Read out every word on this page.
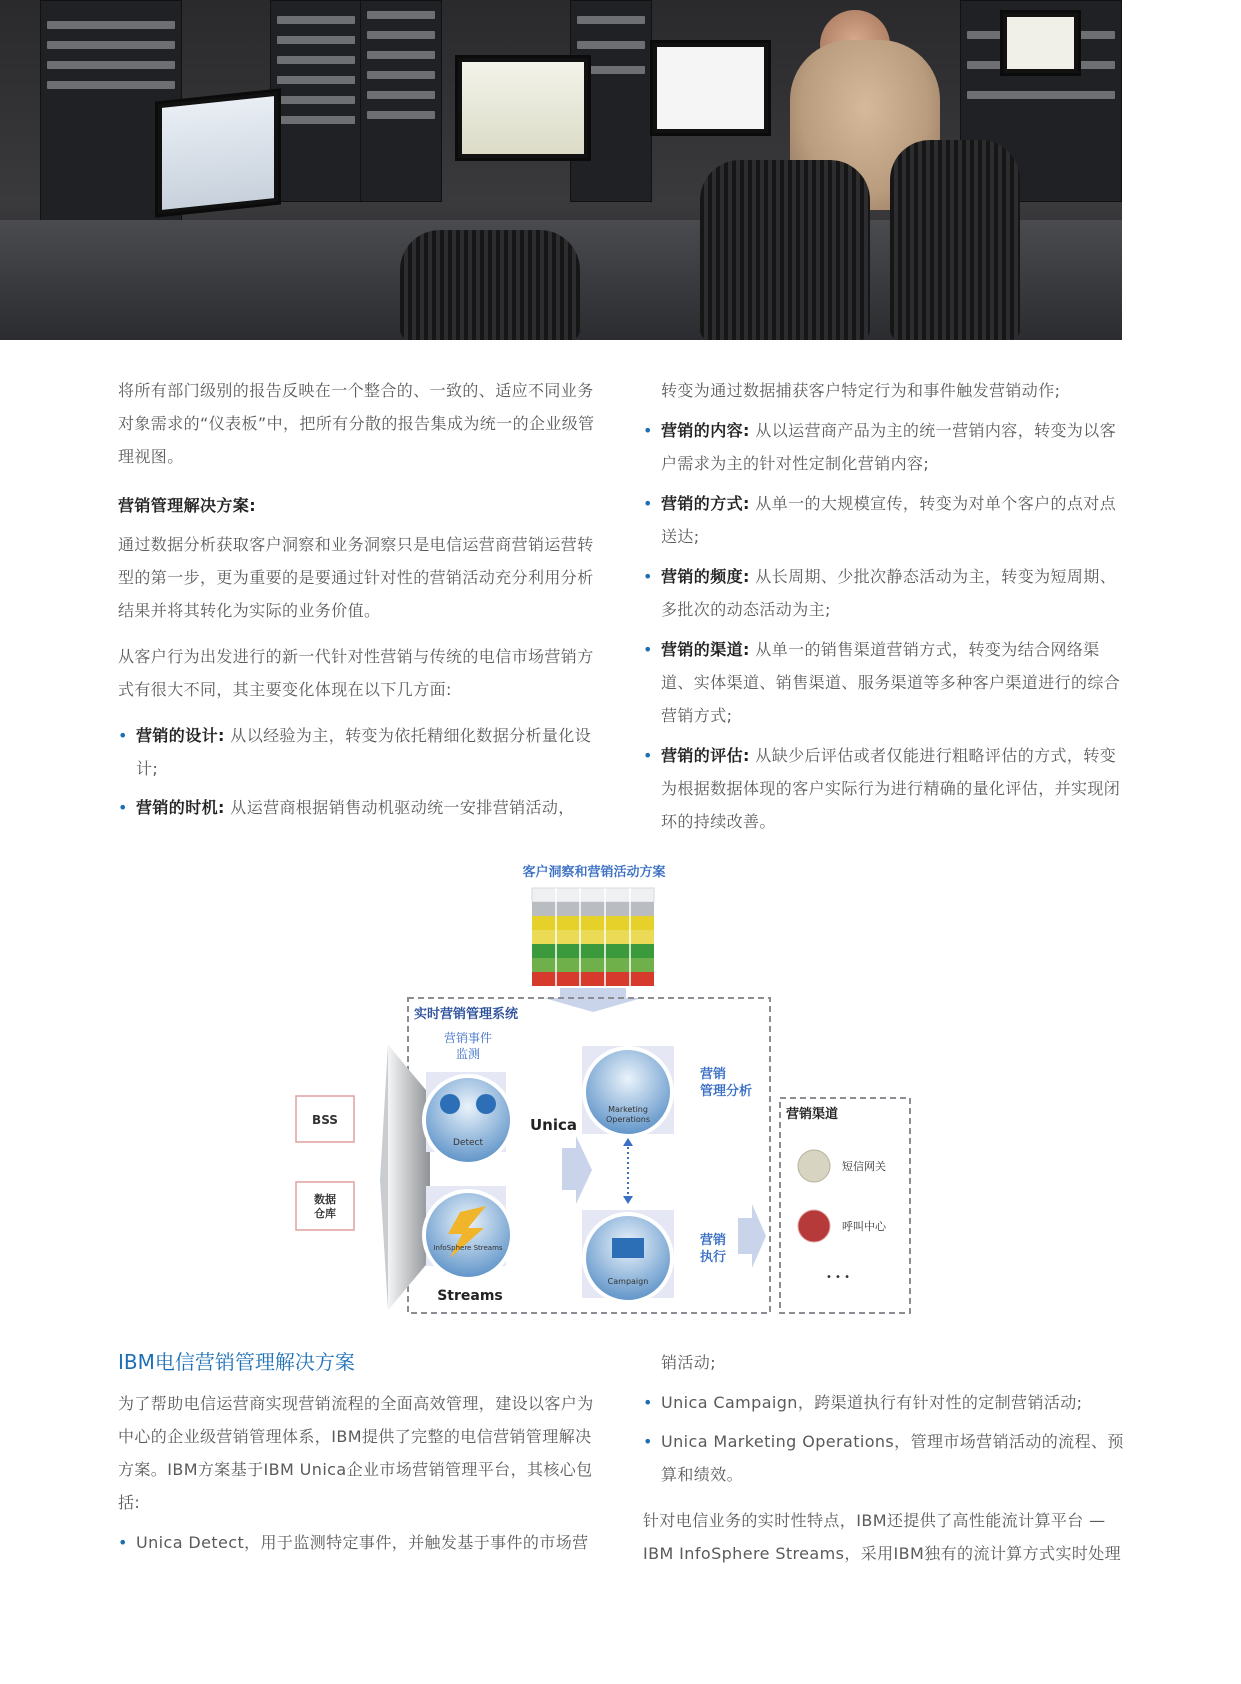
将所有部门级别的报告反映在一个整合的、一致的、适应不同业务对象需求的“仪表板”中，把所有分散的报告集成为统一的企业级管理视图。

营销管理解决方案:

通过数据分析获取客户洞察和业务洞察只是电信运营商营销运营转型的第一步，更为重要的是要通过针对性的营销活动充分利用分析结果并将其转化为实际的业务价值。

从客户行为出发进行的新一代针对性营销与传统的电信市场营销方式有很大不同，其主要变化体现在以下几方面:

• 营销的设计: 从以经验为主，转变为依托精细化数据分析量化设计;

• 营销的时机: 从运营商根据销售动机驱动统一安排营销活动，

转变为通过数据捕获客户特定行为和事件触发营销动作;

• 营销的内容: 从以运营商产品为主的统一营销内容，转变为以客户需求为主的针对性定制化营销内容;

• 营销的方式: 从单一的大规模宣传，转变为对单个客户的点对点送达;

• 营销的频度: 从长周期、少批次静态活动为主，转变为短周期、多批次的动态活动为主;

• 营销的渠道: 从单一的销售渠道营销方式，转变为结合网络渠道、实体渠道、销售渠道、服务渠道等多种客户渠道进行的综合营销方式;

• 营销的评估: 从缺少后评估或者仅能进行粗略评估的方式，转变为根据数据体现的客户实际行为进行精确的量化评估，并实现闭环的持续改善。

客户洞察和营销活动方案
实时营销管理系统
营销事件
监测
BSS
数据
仓库
Detect
Unica
InfoSphere Streams
Streams
Marketing
Operations
营销
管理分析
Campaign
营销
执行
营销渠道
短信网关
呼叫中心
• • •

IBM电信营销管理解决方案

为了帮助电信运营商实现营销流程的全面高效管理，建设以客户为中心的企业级营销管理体系，IBM提供了完整的电信营销管理解决方案。IBM方案基于IBM Unica企业市场营销管理平台，其核心包括:

• Unica Detect，用于监测特定事件，并触发基于事件的市场营

销活动;

• Unica Campaign，跨渠道执行有针对性的定制营销活动;

• Unica Marketing Operations，管理市场营销活动的流程、预算和绩效。

针对电信业务的实时性特点，IBM还提供了高性能流计算平台 — IBM InfoSphere Streams，采用IBM独有的流计算方式实时处理
